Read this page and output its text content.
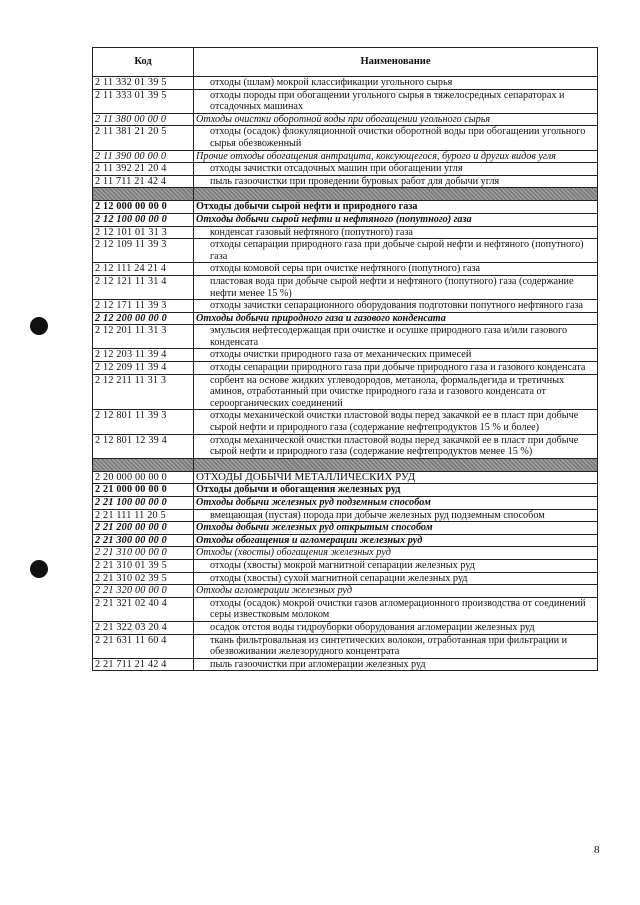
Код	Наименование
2 11 332 01 39 5	отходы (шлам) мокрой классификации угольного сырья
2 11 333 01 39 5	отходы породы при обогащении угольного сырья в тяжелосредных сепараторах и отсадочных машинах
2 11 380 00 00 0	Отходы очистки оборотной воды при обогащении угольного сырья
2 11 381 21 20 5	отходы (осадок) флокуляционной очистки оборотной воды при обогащении угольного сырья обезвоженный
2 11 390 00 00 0	Прочие отходы обогащения антрацита, коксующегося, бурого и других видов угля
2 11 392 21 20 4	отходы зачистки отсадочных машин при обогащении угля
2 11 711 21 42 4	пыль газоочистки при проведении буровых работ для добычи угля

2 12 000 00 00 0	Отходы добычи сырой нефти и природного газа
2 12 100 00 00 0	Отходы добычи сырой нефти и нефтяного (попутного) газа
2 12 101 01 31 3	конденсат газовый нефтяного (попутного) газа
2 12 109 11 39 3	отходы сепарации природного газа при добыче сырой нефти и нефтяного (попутного) газа
2 12 111 24 21 4	отходы комовой серы при очистке нефтяного (попутного) газа
2 12 121 11 31 4	пластовая вода при добыче сырой нефти и нефтяного (попутного) газа (содержание нефти менее 15 %)
2 12 171 11 39 3	отходы зачистки сепарационного оборудования подготовки попутного нефтяного газа
2 12 200 00 00 0	Отходы добычи природного газа и газового конденсата
2 12 201 11 31 3	эмульсия нефтесодержащая при очистке и осушке природного газа и/или газового конденсата
2 12 203 11 39 4	отходы очистки природного газа от механических примесей
2 12 209 11 39 4	отходы сепарации природного газа при добыче природного газа и газового конденсата
2 12 211 11 31 3	сорбент на основе жидких углеводородов, метанола, формальдегида и третичных аминов, отработанный при очистке природного газа и газового конденсата от сероорганических соединений
2 12 801 11 39 3	отходы механической очистки пластовой воды перед закачкой ее в пласт при добыче сырой нефти и природного газа (содержание нефтепродуктов 15 % и более)
2 12 801 12 39 4	отходы механической очистки пластовой воды перед закачкой ее в пласт при добыче сырой нефти и природного газа (содержание нефтепродуктов менее 15 %)

2 20 000 00 00 0	ОТХОДЫ ДОБЫЧИ МЕТАЛЛИЧЕСКИХ РУД
2 21 000 00 00 0	Отходы добычи и обогащения железных руд
2 21 100 00 00 0	Отходы добычи железных руд подземным способом
2 21 111 11 20 5	вмещающая (пустая) порода при добыче железных руд подземным способом
2 21 200 00 00 0	Отходы добычи железных руд открытым способом
2 21 300 00 00 0	Отходы обогащения и агломерации железных руд
2 21 310 00 00 0	Отходы (хвосты) обогащения железных руд
2 21 310 01 39 5	отходы (хвосты) мокрой магнитной сепарации железных руд
2 21 310 02 39 5	отходы (хвосты) сухой магнитной сепарации железных руд
2 21 320 00 00 0	Отходы агломерации железных руд
2 21 321 02 40 4	отходы (осадок) мокрой очистки газов агломерационного производства от соединений серы известковым молоком
2 21 322 03 20 4	осадок отстоя воды гидроуборки оборудования агломерации железных руд
2 21 631 11 60 4	ткань фильтровальная из синтетических волокон, отработанная при фильтрации и обезвоживании железорудного концентрата
2 21 711 21 42 4	пыль газоочистки при агломерации железных руд
8
